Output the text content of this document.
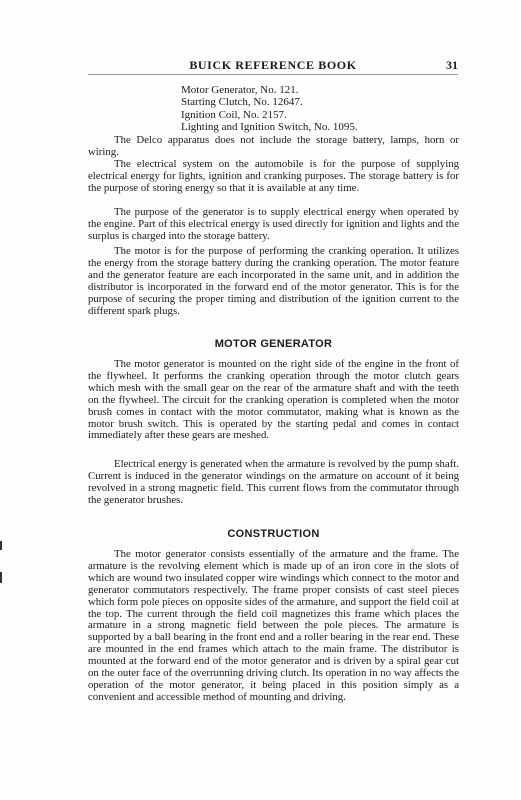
BUICK REFERENCE BOOK	31
Motor Generator, No. 121.
Starting Clutch, No. 12647.
Ignition Coil, No. 2157.
Lighting and Ignition Switch, No. 1095.

The Delco apparatus does not include the storage battery, lamps, horn or wiring.

The electrical system on the automobile is for the purpose of supplying electrical energy for lights, ignition and cranking purposes. The storage battery is for the purpose of storing energy so that it is available at any time.

The purpose of the generator is to supply electrical energy when operated by the engine. Part of this electrical energy is used directly for ignition and lights and the surplus is charged into the storage battery.

The motor is for the purpose of performing the cranking operation. It utilizes the energy from the storage battery during the cranking operation. The motor feature and the generator feature are each incorporated in the same unit, and in addition the distributor is incorporated in the forward end of the motor generator. This is for the purpose of securing the proper timing and distribution of the ignition current to the different spark plugs.

MOTOR GENERATOR

The motor generator is mounted on the right side of the engine in the front of the flywheel. It performs the cranking operation through the motor clutch gears which mesh with the small gear on the rear of the armature shaft and with the teeth on the flywheel. The circuit for the cranking operation is completed when the motor brush comes in contact with the motor commutator, making what is known as the motor brush switch. This is operated by the starting pedal and comes in contact immediately after these gears are meshed.

Electrical energy is generated when the armature is revolved by the pump shaft. Current is induced in the generator windings on the armature on account of it being revolved in a strong magnetic field. This current flows from the commutator through the generator brushes.

CONSTRUCTION

The motor generator consists essentially of the armature and the frame. The armature is the revolving element which is made up of an iron core in the slots of which are wound two insulated copper wire windings which connect to the motor and generator commutators respectively. The frame proper consists of cast steel pieces which form pole pieces on opposite sides of the armature, and support the field coil at the top. The current through the field coil magnetizes this frame which places the armature in a strong magnetic field between the pole pieces. The armature is supported by a ball bearing in the front end and a roller bearing in the rear end. These are mounted in the end frames which attach to the main frame. The distributor is mounted at the forward end of the motor generator and is driven by a spiral gear cut on the outer face of the overrunning driving clutch. Its operation in no way affects the operation of the motor generator, it being placed in this position simply as a convenient and accessible method of mounting and driving.
